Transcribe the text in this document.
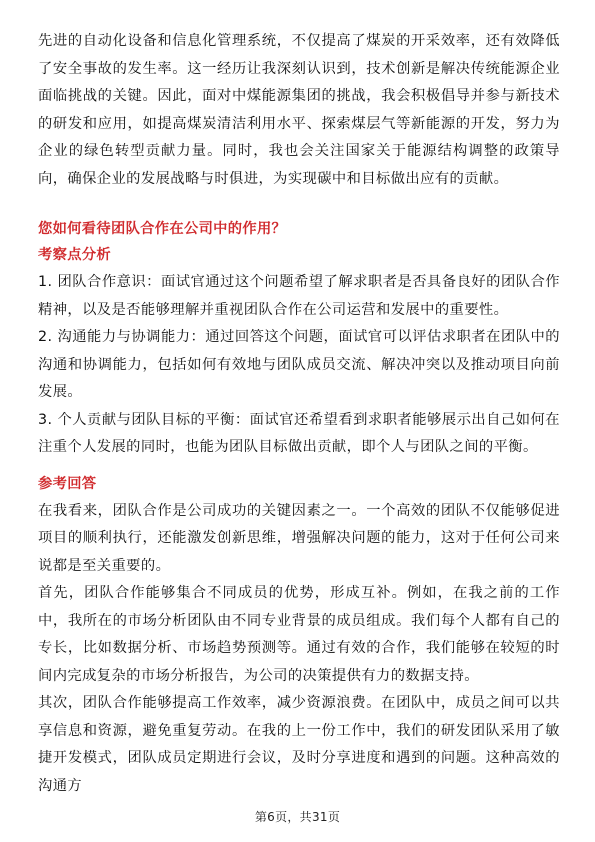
先进的自动化设备和信息化管理系统，不仅提高了煤炭的开采效率，还有效降低了安全事故的发生率。这一经历让我深刻认识到，技术创新是解决传统能源企业面临挑战的关键。因此，面对中煤能源集团的挑战，我会积极倡导并参与新技术的研发和应用，如提高煤炭清洁利用水平、探索煤层气等新能源的开发，努力为企业的绿色转型贡献力量。同时，我也会关注国家关于能源结构调整的政策导向，确保企业的发展战略与时俱进，为实现碳中和目标做出应有的贡献。

您如何看待团队合作在公司中的作用？
考察点分析

1. 团队合作意识：面试官通过这个问题希望了解求职者是否具备良好的团队合作精神，以及是否能够理解并重视团队合作在公司运营和发展中的重要性。

2. 沟通能力与协调能力：通过回答这个问题，面试官可以评估求职者在团队中的沟通和协调能力，包括如何有效地与团队成员交流、解决冲突以及推动项目向前发展。

3. 个人贡献与团队目标的平衡：面试官还希望看到求职者能够展示出自己如何在注重个人发展的同时，也能为团队目标做出贡献，即个人与团队之间的平衡。

参考回答

在我看来，团队合作是公司成功的关键因素之一。一个高效的团队不仅能够促进项目的顺利执行，还能激发创新思维，增强解决问题的能力，这对于任何公司来说都是至关重要的。

首先，团队合作能够集合不同成员的优势，形成互补。例如，在我之前的工作中，我所在的市场分析团队由不同专业背景的成员组成。我们每个人都有自己的专长，比如数据分析、市场趋势预测等。通过有效的合作，我们能够在较短的时间内完成复杂的市场分析报告，为公司的决策提供有力的数据支持。

其次，团队合作能够提高工作效率，减少资源浪费。在团队中，成员之间可以共享信息和资源，避免重复劳动。在我的上一份工作中，我们的研发团队采用了敏捷开发模式，团队成员定期进行会议，及时分享进度和遇到的问题。这种高效的沟通方

第6页，共31页
